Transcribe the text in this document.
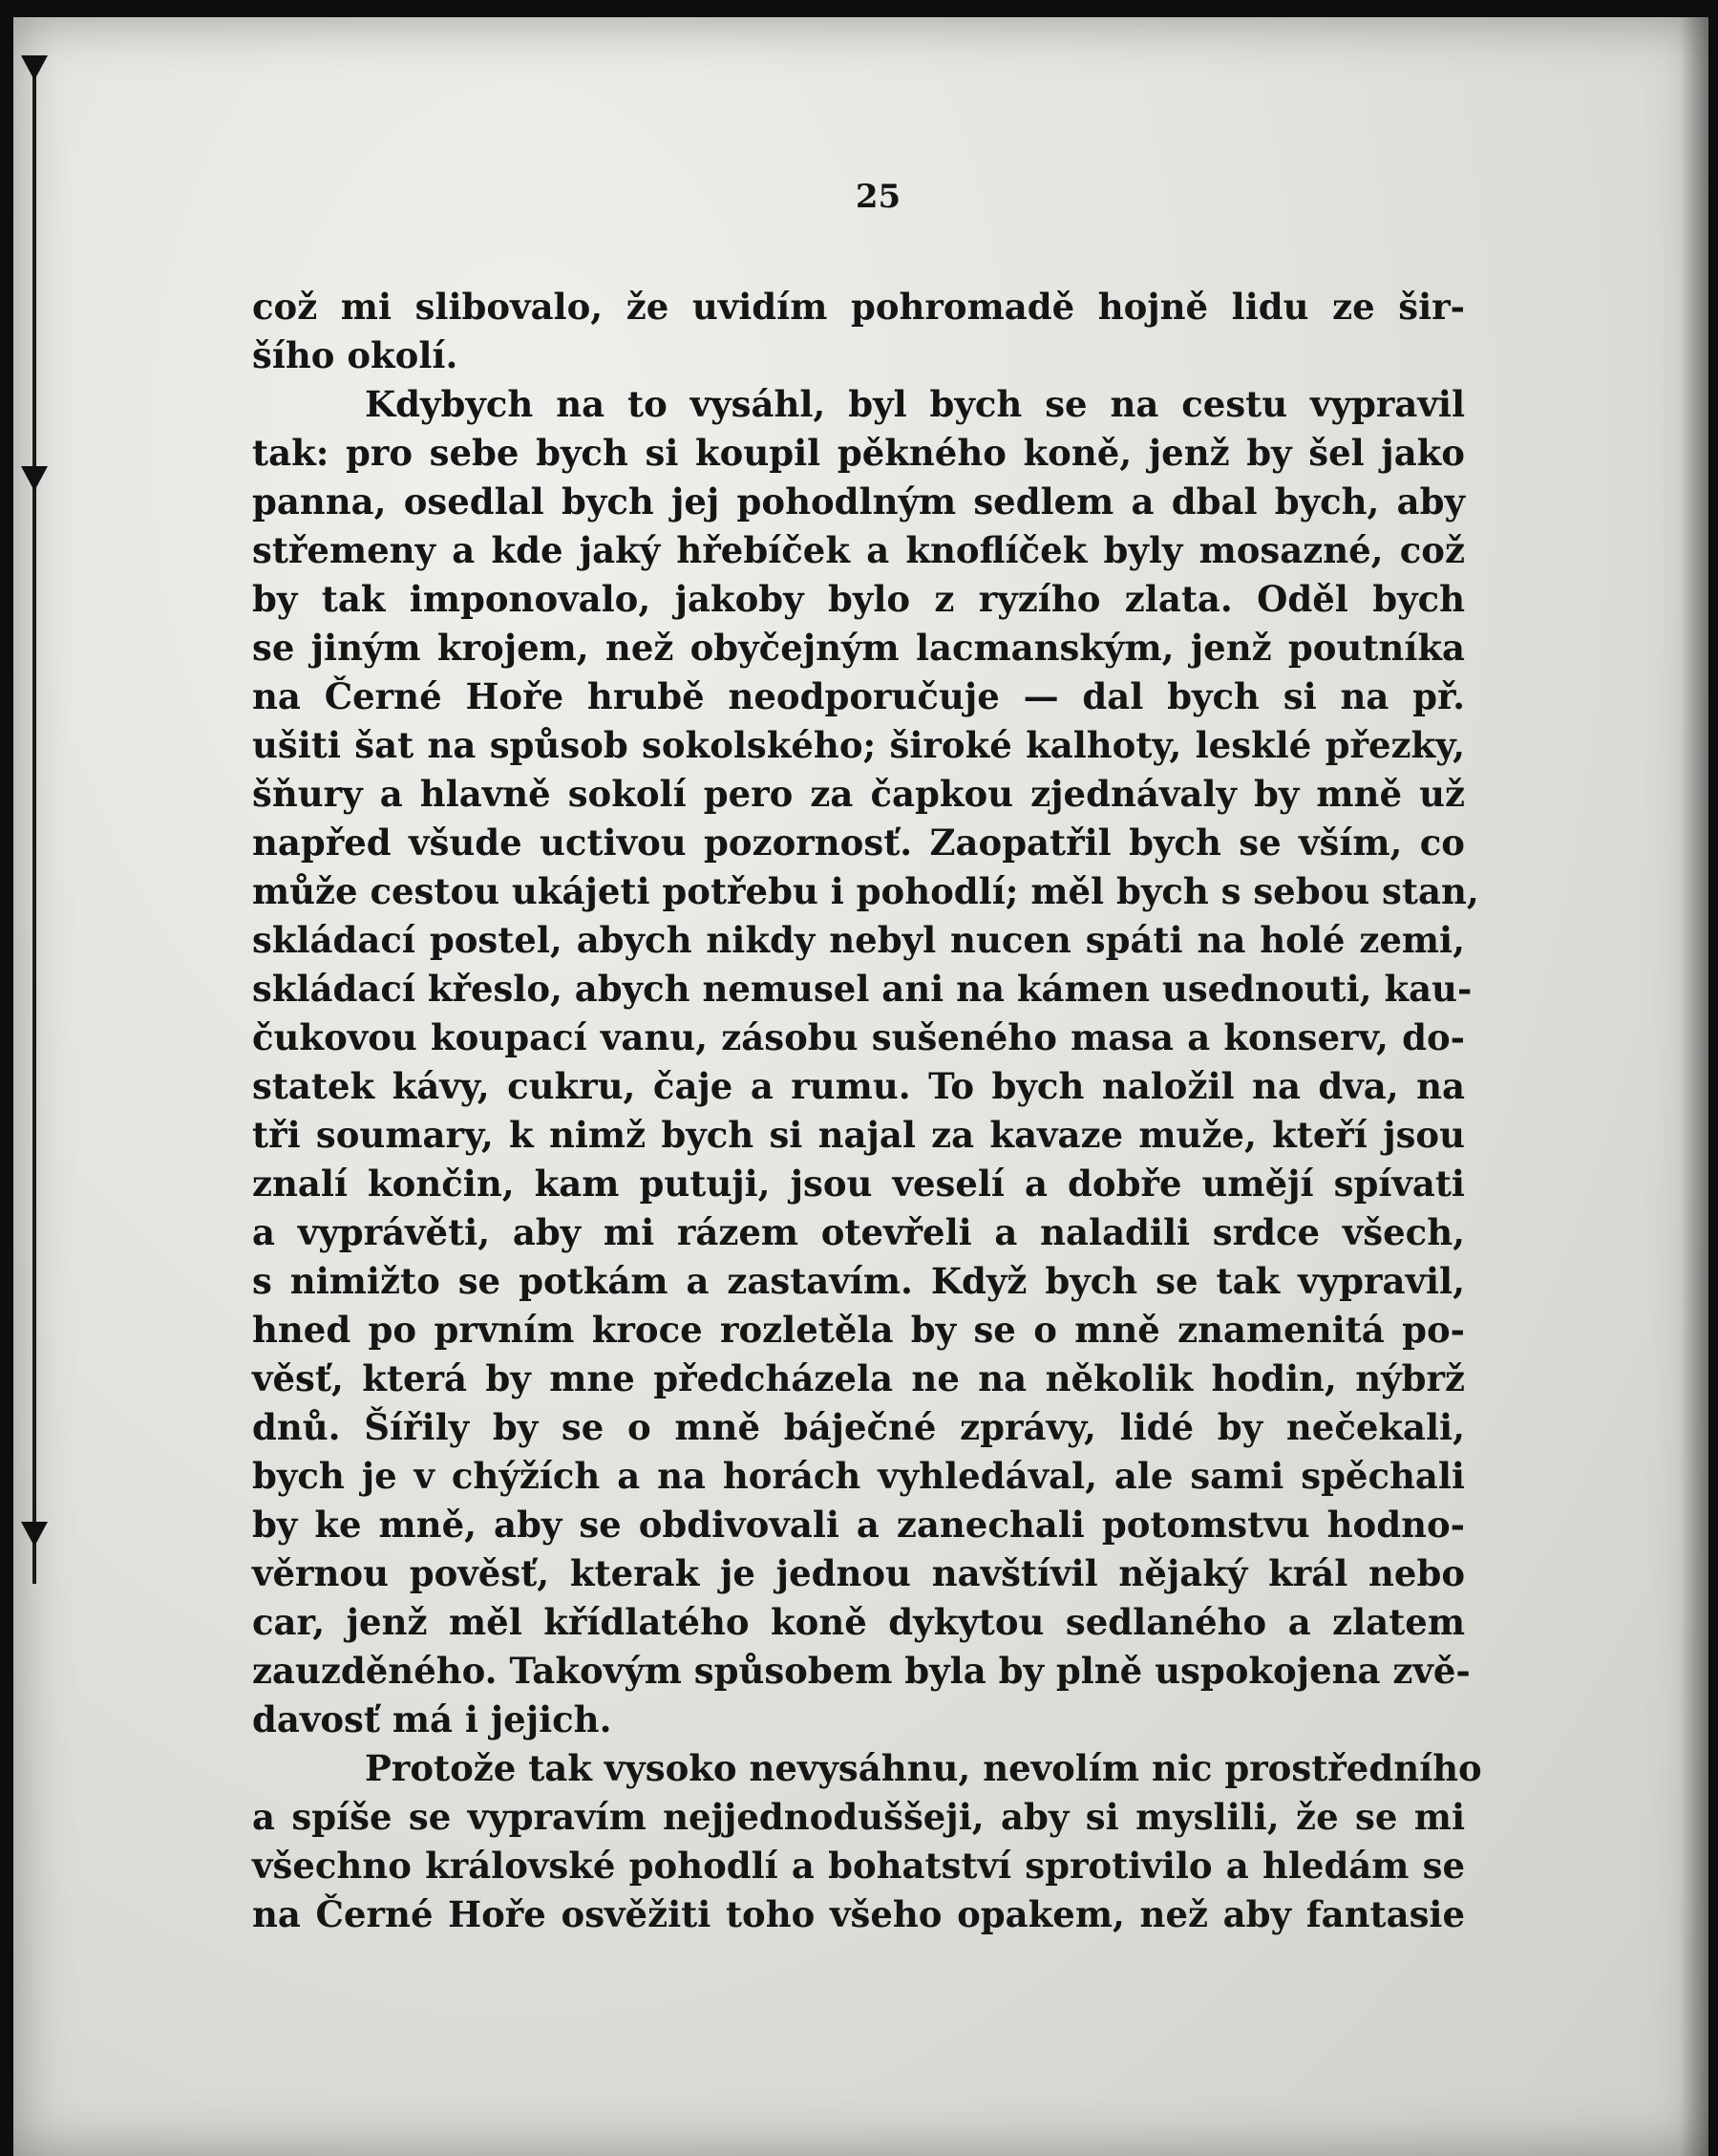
25
což mi slibovalo, že uvidím pohromadě hojně lidu ze šir-
šího okolí.
Kdybych na to vysáhl, byl bych se na cestu vypravil
tak: pro sebe bych si koupil pěkného koně, jenž by šel jako
panna, osedlal bych jej pohodlným sedlem a dbal bych, aby
střemeny a kde jaký hřebíček a knoflíček byly mosazné, což
by tak imponovalo, jakoby bylo z ryzího zlata. Oděl bych
se jiným krojem, než obyčejným lacmanským, jenž poutníka
na Černé Hoře hrubě neodporučuje — dal bych si na př.
ušiti šat na spůsob sokolského; široké kalhoty, lesklé přezky,
šňury a hlavně sokolí pero za čapkou zjednávaly by mně už
napřed všude uctivou pozornosť. Zaopatřil bych se vším, co
může cestou ukájeti potřebu i pohodlí; měl bych s sebou stan,
skládací postel, abych nikdy nebyl nucen spáti na holé zemi,
skládací křeslo, abych nemusel ani na kámen usednouti, kau-
čukovou koupací vanu, zásobu sušeného masa a konserv, do-
statek kávy, cukru, čaje a rumu. To bych naložil na dva, na
tři soumary, k nimž bych si najal za kavaze muže, kteří jsou
znalí končin, kam putuji, jsou veselí a dobře umějí spívati
a vyprávěti, aby mi rázem otevřeli a naladili srdce všech,
s nimižto se potkám a zastavím. Když bych se tak vypravil,
hned po prvním kroce rozletěla by se o mně znamenitá po-
věsť, která by mne předcházela ne na několik hodin, nýbrž
dnů. Šířily by se o mně báječné zprávy, lidé by nečekali,
bych je v chýžích a na horách vyhledával, ale sami spěchali
by ke mně, aby se obdivovali a zanechali potomstvu hodno-
věrnou pověsť, kterak je jednou navštívil nějaký král nebo
car, jenž měl křídlatého koně dykytou sedlaného a zlatem
zauzděného. Takovým spůsobem byla by plně uspokojena zvě-
davosť má i jejich.
Protože tak vysoko nevysáhnu, nevolím nic prostředního
a spíše se vypravím nejjednoduššeji, aby si myslili, že se mi
všechno královské pohodlí a bohatství sprotivilo a hledám se
na Černé Hoře osvěžiti toho všeho opakem, než aby fantasie
